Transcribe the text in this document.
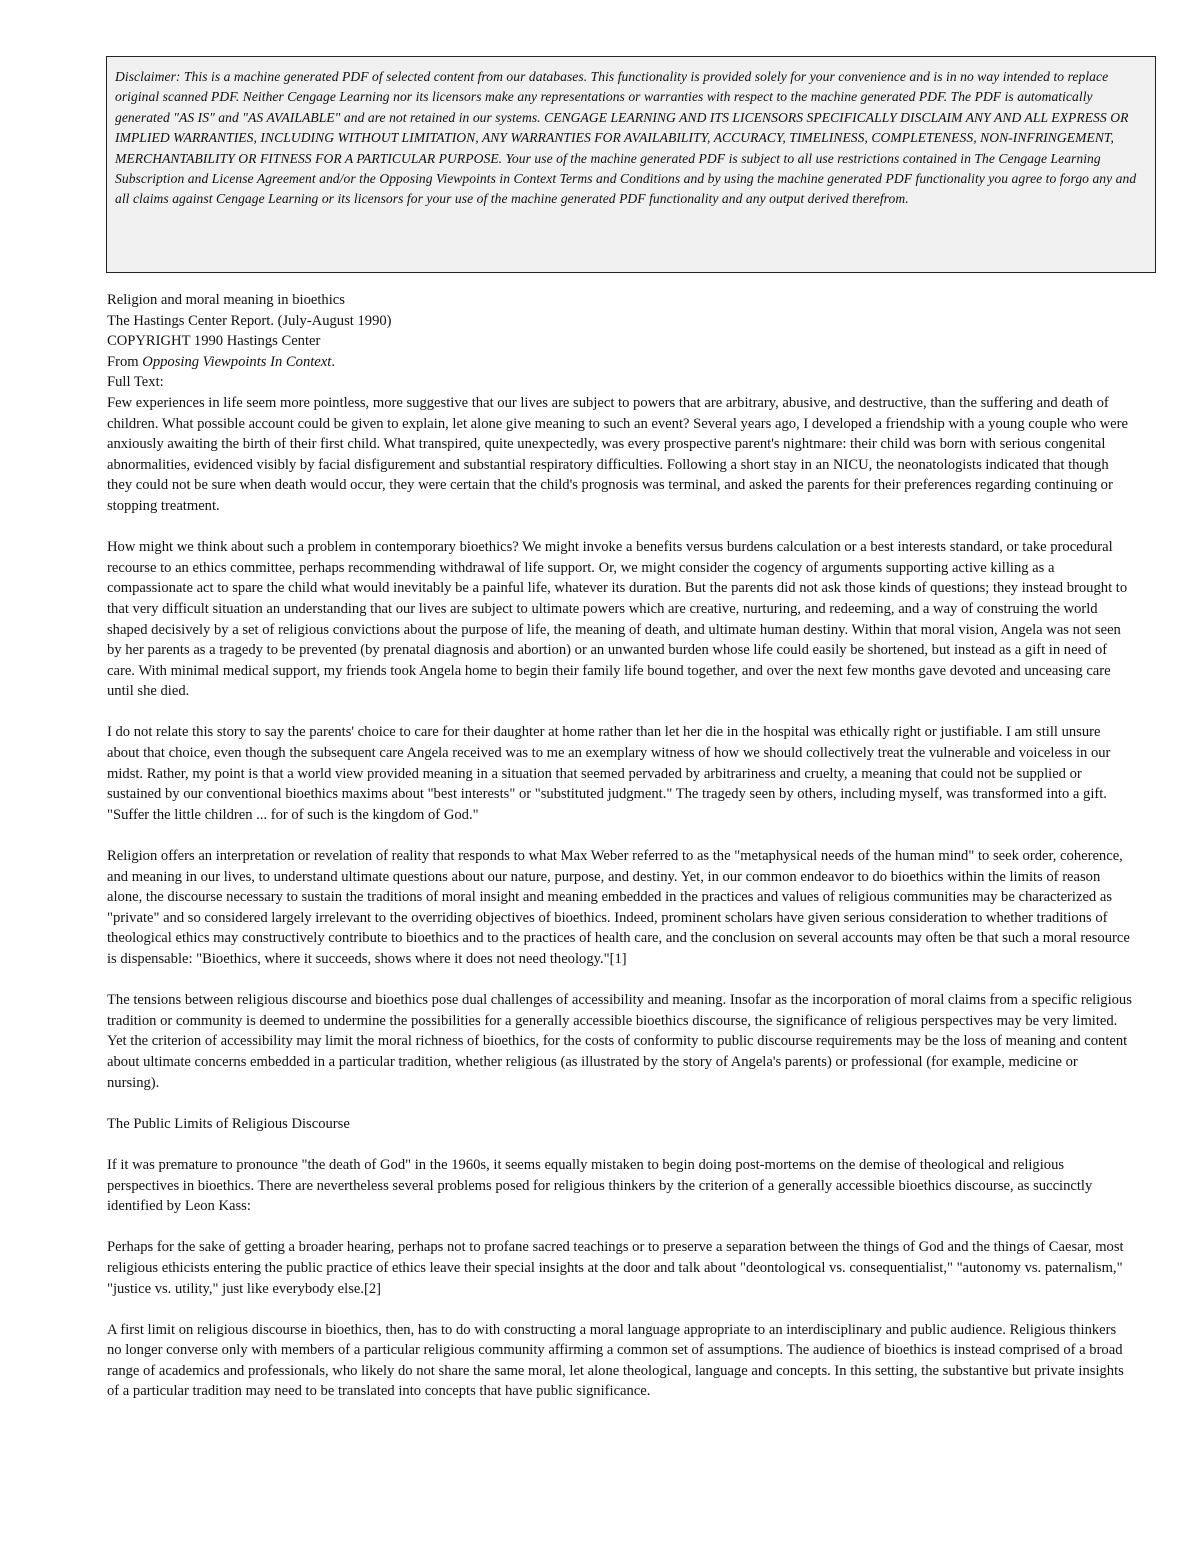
Disclaimer: This is a machine generated PDF of selected content from our databases. This functionality is provided solely for your convenience and is in no way intended to replace original scanned PDF. Neither Cengage Learning nor its licensors make any representations or warranties with respect to the machine generated PDF. The PDF is automatically generated "AS IS" and "AS AVAILABLE" and are not retained in our systems. CENGAGE LEARNING AND ITS LICENSORS SPECIFICALLY DISCLAIM ANY AND ALL EXPRESS OR IMPLIED WARRANTIES, INCLUDING WITHOUT LIMITATION, ANY WARRANTIES FOR AVAILABILITY, ACCURACY, TIMELINESS, COMPLETENESS, NON-INFRINGEMENT, MERCHANTABILITY OR FITNESS FOR A PARTICULAR PURPOSE. Your use of the machine generated PDF is subject to all use restrictions contained in The Cengage Learning Subscription and License Agreement and/or the Opposing Viewpoints in Context Terms and Conditions and by using the machine generated PDF functionality you agree to forgo any and all claims against Cengage Learning or its licensors for your use of the machine generated PDF functionality and any output derived therefrom.
Religion and moral meaning in bioethics
The Hastings Center Report. (July-August 1990)
COPYRIGHT 1990 Hastings Center
From Opposing Viewpoints In Context.
Full Text:

Few experiences in life seem more pointless, more suggestive that our lives are subject to powers that are arbitrary, abusive, and destructive, than the suffering and death of children. What possible account could be given to explain, let alone give meaning to such an event? Several years ago, I developed a friendship with a young couple who were anxiously awaiting the birth of their first child. What transpired, quite unexpectedly, was every prospective parent's nightmare: their child was born with serious congenital abnormalities, evidenced visibly by facial disfigurement and substantial respiratory difficulties. Following a short stay in an NICU, the neonatologists indicated that though they could not be sure when death would occur, they were certain that the child's prognosis was terminal, and asked the parents for their preferences regarding continuing or stopping treatment.

How might we think about such a problem in contemporary bioethics? We might invoke a benefits versus burdens calculation or a best interests standard, or take procedural recourse to an ethics committee, perhaps recommending withdrawal of life support. Or, we might consider the cogency of arguments supporting active killing as a compassionate act to spare the child what would inevitably be a painful life, whatever its duration. But the parents did not ask those kinds of questions; they instead brought to that very difficult situation an understanding that our lives are subject to ultimate powers which are creative, nurturing, and redeeming, and a way of construing the world shaped decisively by a set of religious convictions about the purpose of life, the meaning of death, and ultimate human destiny. Within that moral vision, Angela was not seen by her parents as a tragedy to be prevented (by prenatal diagnosis and abortion) or an unwanted burden whose life could easily be shortened, but instead as a gift in need of care. With minimal medical support, my friends took Angela home to begin their family life bound together, and over the next few months gave devoted and unceasing care until she died.

I do not relate this story to say the parents' choice to care for their daughter at home rather than let her die in the hospital was ethically right or justifiable. I am still unsure about that choice, even though the subsequent care Angela received was to me an exemplary witness of how we should collectively treat the vulnerable and voiceless in our midst. Rather, my point is that a world view provided meaning in a situation that seemed pervaded by arbitrariness and cruelty, a meaning that could not be supplied or sustained by our conventional bioethics maxims about "best interests" or "substituted judgment." The tragedy seen by others, including myself, was transformed into a gift. "Suffer the little children ... for of such is the kingdom of God."

Religion offers an interpretation or revelation of reality that responds to what Max Weber referred to as the "metaphysical needs of the human mind" to seek order, coherence, and meaning in our lives, to understand ultimate questions about our nature, purpose, and destiny. Yet, in our common endeavor to do bioethics within the limits of reason alone, the discourse necessary to sustain the traditions of moral insight and meaning embedded in the practices and values of religious communities may be characterized as "private" and so considered largely irrelevant to the overriding objectives of bioethics. Indeed, prominent scholars have given serious consideration to whether traditions of theological ethics may constructively contribute to bioethics and to the practices of health care, and the conclusion on several accounts may often be that such a moral resource is dispensable: "Bioethics, where it succeeds, shows where it does not need theology."[1]

The tensions between religious discourse and bioethics pose dual challenges of accessibility and meaning. Insofar as the incorporation of moral claims from a specific religious tradition or community is deemed to undermine the possibilities for a generally accessible bioethics discourse, the significance of religious perspectives may be very limited. Yet the criterion of accessibility may limit the moral richness of bioethics, for the costs of conformity to public discourse requirements may be the loss of meaning and content about ultimate concerns embedded in a particular tradition, whether religious (as illustrated by the story of Angela's parents) or professional (for example, medicine or nursing).

The Public Limits of Religious Discourse

If it was premature to pronounce "the death of God" in the 1960s, it seems equally mistaken to begin doing post-mortems on the demise of theological and religious perspectives in bioethics. There are nevertheless several problems posed for religious thinkers by the criterion of a generally accessible bioethics discourse, as succinctly identified by Leon Kass:

Perhaps for the sake of getting a broader hearing, perhaps not to profane sacred teachings or to preserve a separation between the things of God and the things of Caesar, most religious ethicists entering the public practice of ethics leave their special insights at the door and talk about "deontological vs. consequentialist," "autonomy vs. paternalism," "justice vs. utility," just like everybody else.[2]

A first limit on religious discourse in bioethics, then, has to do with constructing a moral language appropriate to an interdisciplinary and public audience. Religious thinkers no longer converse only with members of a particular religious community affirming a common set of assumptions. The audience of bioethics is instead comprised of a broad range of academics and professionals, who likely do not share the same moral, let alone theological, language and concepts. In this setting, the substantive but private insights of a particular tradition may need to be translated into concepts that have public significance.
